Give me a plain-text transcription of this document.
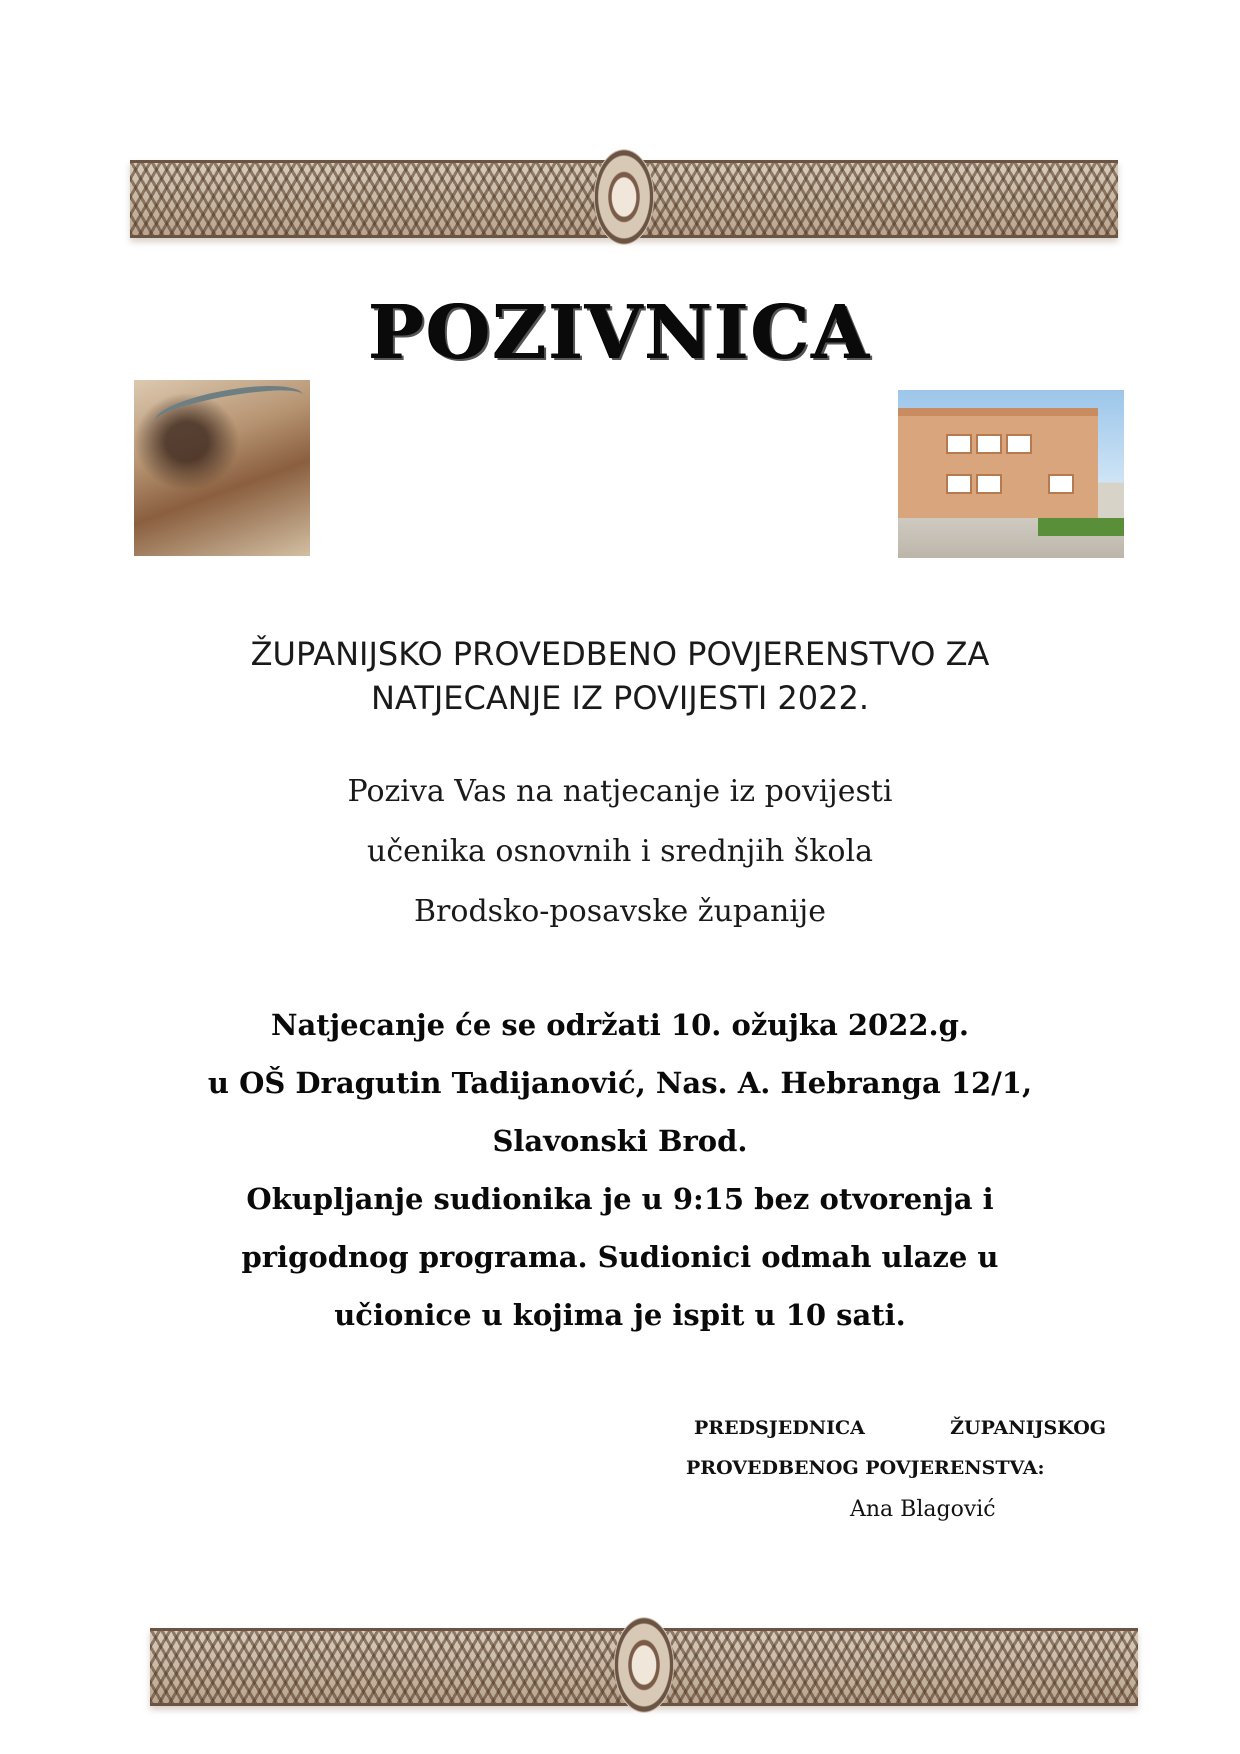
POZIVNICA
ŽUPANIJSKO PROVEDBENO POVJERENSTVO ZA
NATJECANJE IZ POVIJESTI 2022.
Poziva Vas na natjecanje iz povijesti
učenika osnovnih i srednjih škola
Brodsko-posavske županije
Natjecanje će se održati 10. ožujka 2022.g.
u OŠ Dragutin Tadijanović, Nas. A. Hebranga 12/1,
Slavonski Brod.
Okupljanje sudionika je u 9:15 bez otvorenja i
prigodnog programa. Sudionici odmah ulaze u
učionice u kojima je ispit u 10 sati.
PREDSJEDNICA	ŽUPANIJSKOG
PROVEDBENOG POVJERENSTVA:
Ana Blagović
